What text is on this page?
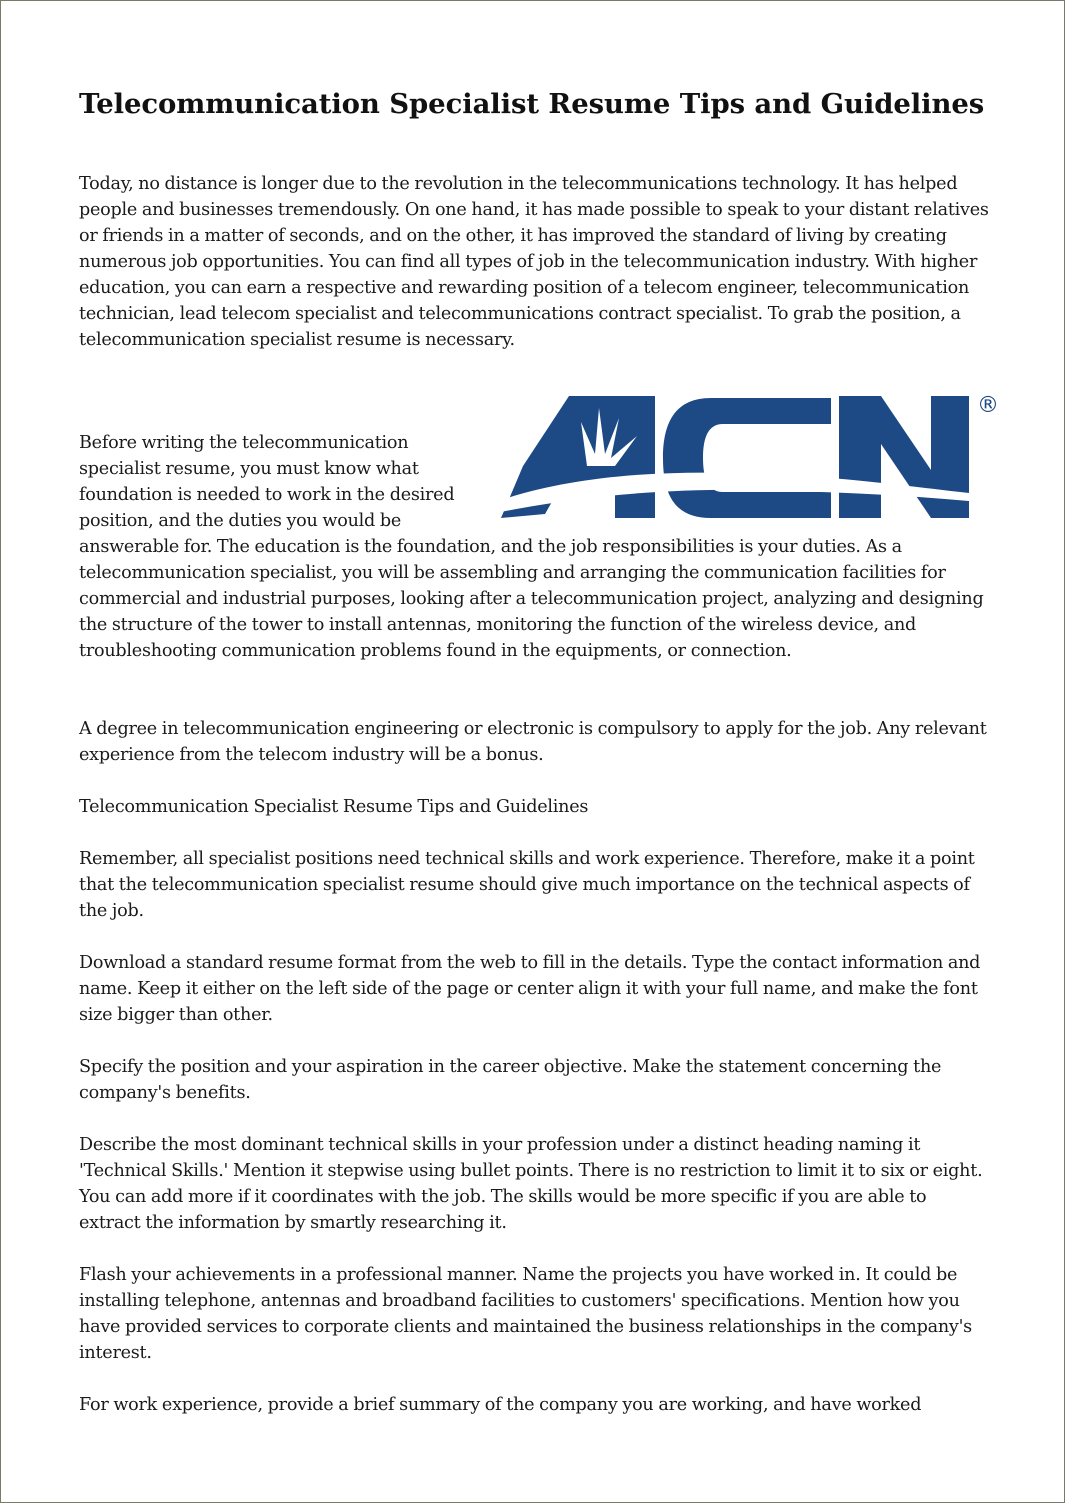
Telecommunication Specialist Resume Tips and Guidelines

Today, no distance is longer due to the revolution in the telecommunications technology. It has helped people and businesses tremendously. On one hand, it has made possible to speak to your distant relatives or friends in a matter of seconds, and on the other, it has improved the standard of living by creating numerous job opportunities. You can find all types of job in the telecommunication industry. With higher education, you can earn a respective and rewarding position of a telecom engineer, telecommunication technician, lead telecom specialist and telecommunications contract specialist. To grab the position, a telecommunication specialist resume is necessary.

®

Before writing the telecommunication specialist resume, you must know what foundation is needed to work in the desired position, and the duties you would be answerable for. The education is the foundation, and the job responsibilities is your duties. As a telecommunication specialist, you will be assembling and arranging the communication facilities for commercial and industrial purposes, looking after a telecommunication project, analyzing and designing the structure of the tower to install antennas, monitoring the function of the wireless device, and troubleshooting communication problems found in the equipments, or connection.

A degree in telecommunication engineering or electronic is compulsory to apply for the job. Any relevant experience from the telecom industry will be a bonus.

Telecommunication Specialist Resume Tips and Guidelines

Remember, all specialist positions need technical skills and work experience. Therefore, make it a point that the telecommunication specialist resume should give much importance on the technical aspects of the job.

Download a standard resume format from the web to fill in the details. Type the contact information and name. Keep it either on the left side of the page or center align it with your full name, and make the font size bigger than other.

Specify the position and your aspiration in the career objective. Make the statement concerning the company's benefits.

Describe the most dominant technical skills in your profession under a distinct heading naming it 'Technical Skills.' Mention it stepwise using bullet points. There is no restriction to limit it to six or eight. You can add more if it coordinates with the job. The skills would be more specific if you are able to extract the information by smartly researching it.

Flash your achievements in a professional manner. Name the projects you have worked in. It could be installing telephone, antennas and broadband facilities to customers' specifications. Mention how you have provided services to corporate clients and maintained the business relationships in the company's interest.

For work experience, provide a brief summary of the company you are working, and have worked
